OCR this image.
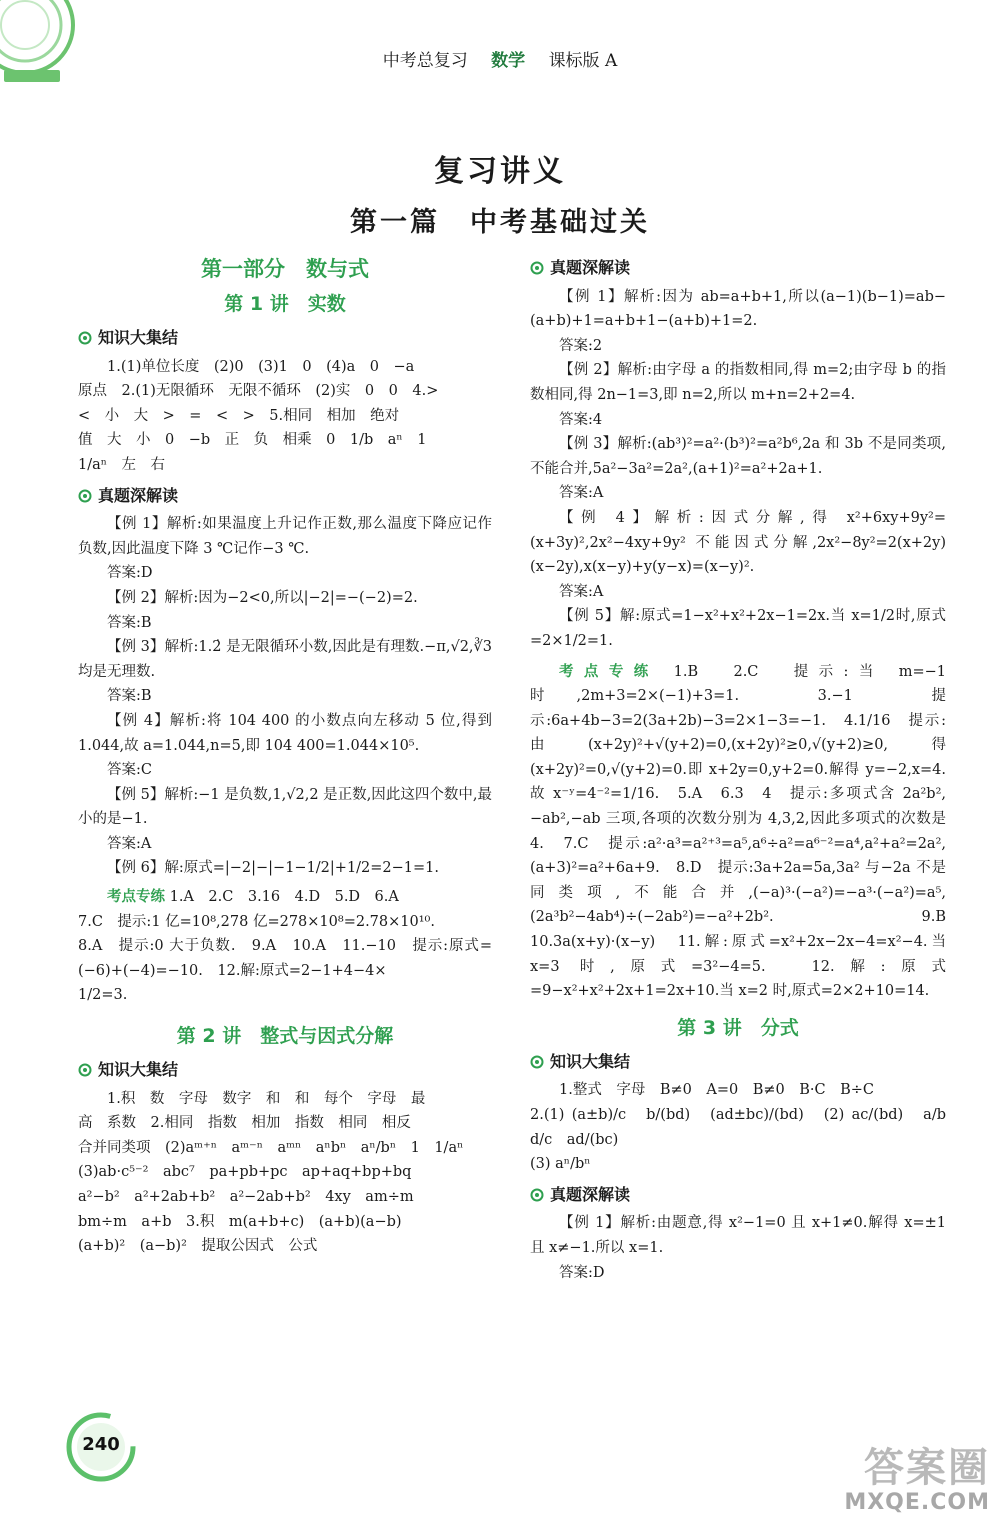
中考总复习 数学 课标版 A
复习讲义
第一篇　中考基础过关
第一部分　数与式
第 1 讲　实数
知识大集结

1.(1)单位长度　(2)0　(3)1　0　(4)a　0　−a

原点　2.(1)无限循环　无限不循环　(2)实　0　0　4.>

<　小　大　>　=　<　>　5.相同　相加　绝对

值　大　小　0　−b　正　负　相乘　0　1/b　aⁿ　1

1/aⁿ　左　右

真题深解读

【例 1】解析:如果温度上升记作正数,那么温度下降应记作负数,因此温度下降 3 ℃记作−3 ℃.

答案:D

【例 2】解析:因为−2<0,所以|−2|=−(−2)=2.

答案:B

【例 3】解析:1.2̇ 是无限循环小数,因此是有理数.−π,√2,∛3均是无理数.

答案:B

【例 4】解析:将 104 400 的小数点向左移动 5 位,得到 1.044,故 a=1.044,n=5,即 104 400=1.044×10⁵.

答案:C

【例 5】解析:−1 是负数,1,√2,2 是正数,因此这四个数中,最小的是−1.

答案:A

【例 6】解:原式=|−2|−|−1−1/2|+1/2=2−1=1.

考点专练 1.A　2.C　3.16　4.D　5.D　6.A

7.C　提示:1 亿=10⁸,278 亿=278×10⁸=2.78×10¹⁰.

8.A　提示:0 大于负数.　9.A　10.A　11.−10　提示:原式=(−6)+(−4)=−10.　12.解:原式=2−1+4−4×

1/2=3.

第 2 讲　整式与因式分解
知识大集结

1.积　数　字母　数字　和　和　每个　字母　最

高　系数　2.相同　指数　相加　指数　相同　相反

合并同类项　(2)aᵐ⁺ⁿ　aᵐ⁻ⁿ　aᵐⁿ　aⁿbⁿ　aⁿ/bⁿ　1　1/aⁿ

(3)ab·c⁵⁻²　abc⁷　pa+pb+pc　ap+aq+bp+bq

a²−b²　a²+2ab+b²　a²−2ab+b²　4xy　am÷m

bm÷m　a+b　3.积　m(a+b+c)　(a+b)(a−b)

(a+b)²　(a−b)²　提取公因式　公式

真题深解读

【例 1】解析:因为 ab=a+b+1,所以(a−1)(b−1)=ab−(a+b)+1=a+b+1−(a+b)+1=2.

答案:2

【例 2】解析:由字母 a 的指数相同,得 m=2;由字母 b 的指数相同,得 2n−1=3,即 n=2,所以 m+n=2+2=4.

答案:4

【例 3】解析:(ab³)²=a²·(b³)²=a²b⁶,2a 和 3b 不是同类项,不能合并,5a²−3a²=2a²,(a+1)²=a²+2a+1.

答案:A

【例 4】解析:因式分解,得 x²+6xy+9y²=(x+3y)²,2x²−4xy+9y² 不能因式分解,2x²−8y²=2(x+2y)(x−2y),x(x−y)+y(y−x)=(x−y)².

答案:A

【例 5】解:原式=1−x²+x²+2x−1=2x.当 x=1/2时,原式=2×1/2=1.

考点专练 1.B　2.C　提示:当 m=−1 时,2m+3=2×(−1)+3=1.　3.−1　提示:6a+4b−3=2(3a+2b)−3=2×1−3=−1.　4.1/16　提示:由(x+2y)²+√(y+2)=0,(x+2y)²≥0,√(y+2)≥0,得(x+2y)²=0,√(y+2)=0.即 x+2y=0,y+2=0.解得 y=−2,x=4.故 x⁻ʸ=4⁻²=1/16.　5.A　6.3　4　提示:多项式含 2a²b²,−ab²,−ab 三项,各项的次数分别为 4,3,2,因此多项式的次数是 4.　7.C　提示:a²·a³=a²⁺³=a⁵,a⁶÷a²=a⁶⁻²=a⁴,a²+a²=2a²,(a+3)²=a²+6a+9.　8.D　提示:3a+2a=5a,3a² 与−2a 不是同类项,不能合并,(−a)³·(−a²)=−a³·(−a²)=a⁵,(2a³b²−4ab⁴)÷(−2ab²)=−a²+2b².　9.B　10.3a(x+y)·(x−y)　11.解:原式=x²+2x−2x−4=x²−4.当 x=3 时,原式=3²−4=5.　12.解:原式=9−x²+x²+2x+1=2x+10.当 x=2 时,原式=2×2+10=14.

第 3 讲　分式
知识大集结

1.整式　字母　B≠0　A=0　B≠0　B·C　B÷C

2.(1) (a±b)/c　b/(bd)　(ad±bc)/(bd)　(2) ac/(bd)　a/b　d/c　ad/(bc)

(3) aⁿ/bⁿ

真题深解读

【例 1】解析:由题意,得 x²−1=0 且 x+1≠0.解得 x=±1 且 x≠−1.所以 x=1.

答案:D

240
答案圈
MXQE.COM
